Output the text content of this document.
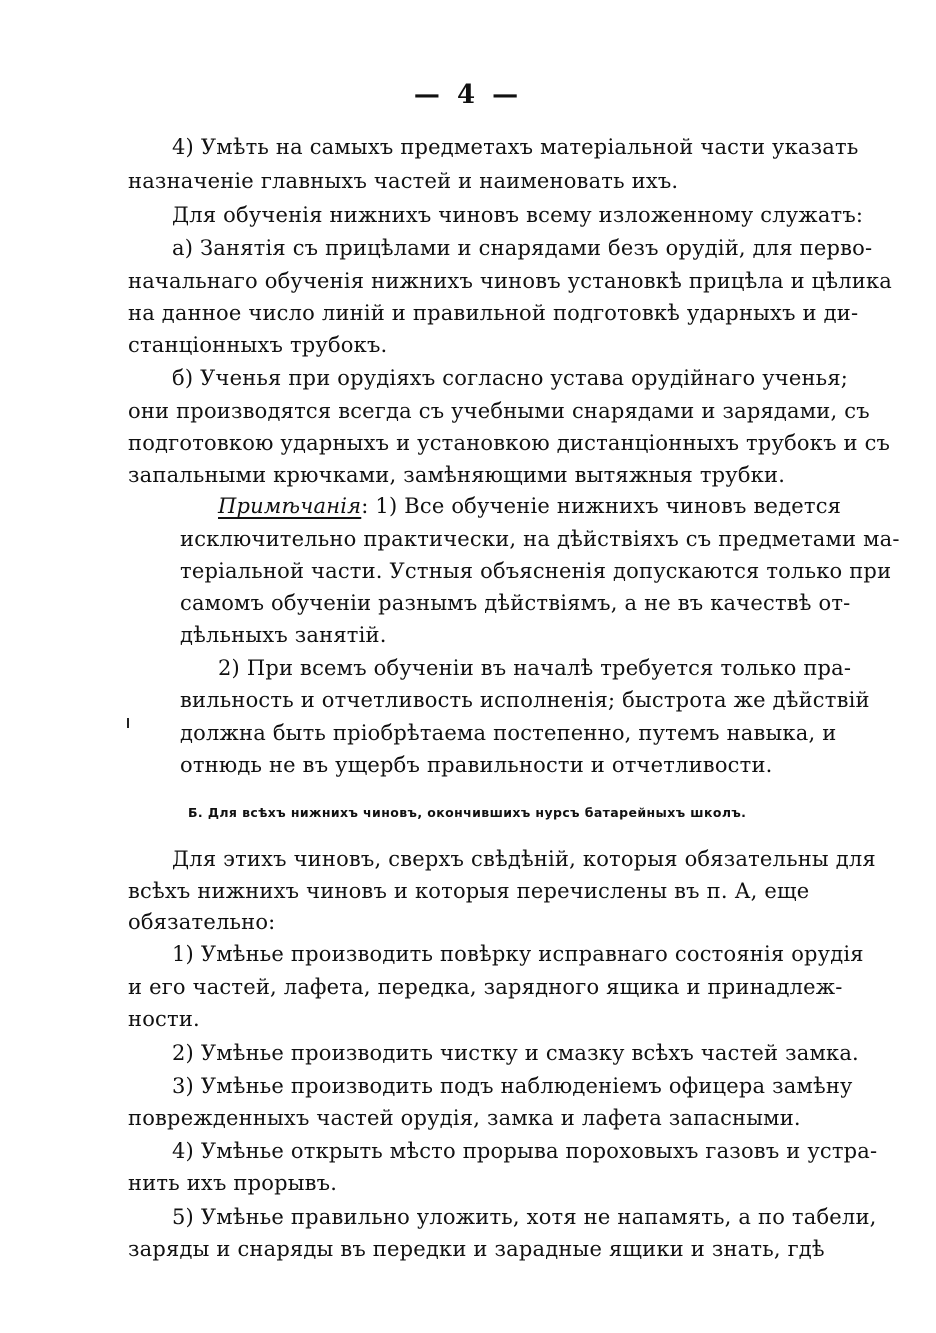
— 4 —
4) Умѣть на самыхъ предметахъ матеріальной части указать
назначеніе главныхъ частей и наименовать ихъ.
Для обученія нижнихъ чиновъ всему изложенному служатъ:
а) Занятія съ прицѣлами и снарядами безъ орудій, для перво-
начальнаго обученія нижнихъ чиновъ установкѣ прицѣла и цѣлика
на данное число линій и правильной подготовкѣ ударныхъ и ди-
станціонныхъ трубокъ.
б) Ученья при орудіяхъ согласно устава орудійнаго ученья;
они производятся всегда съ учебными снарядами и зарядами, съ
подготовкою ударныхъ и установкою дистанціонныхъ трубокъ и съ
запальными крючками, замѣняющими вытяжныя трубки.
Примѣчанія: 1) Все обученіе нижнихъ чиновъ ведется
исключительно практически, на дѣйствіяхъ съ предметами ма-
теріальной части. Устныя объясненія допускаются только при
самомъ обученіи разнымъ дѣйствіямъ, а не въ качествѣ от-
дѣльныхъ занятій.
2) При всемъ обученіи въ началѣ требуется только пра-
вильность и отчетливость исполненія; быстрота же дѣйствій
должна быть пріобрѣтаема постепенно, путемъ навыка, и
отнюдь не въ ущербъ правильности и отчетливости.
Б. Для всѣхъ нижнихъ чиновъ, окончившихъ нурсъ батарейныхъ школъ.
Для этихъ чиновъ, сверхъ свѣдѣній, которыя обязательны для
всѣхъ нижнихъ чиновъ и которыя перечислены въ п. А, еще
обязательно:
1) Умѣнье производить повѣрку исправнаго состоянія орудія
и его частей, лафета, передка, зарядного ящика и принадлеж-
ности.
2) Умѣнье производить чистку и смазку всѣхъ частей замка.
3) Умѣнье производить подъ наблюденіемъ офицера замѣну
поврежденныхъ частей орудія, замка и лафета запасными.
4) Умѣнье открыть мѣсто прорыва пороховыхъ газовъ и устра-
нить ихъ прорывъ.
5) Умѣнье правильно уложить, хотя не напамять, а по табели,
заряды и снаряды въ передки и зарадные ящики и знать, гдѣ
